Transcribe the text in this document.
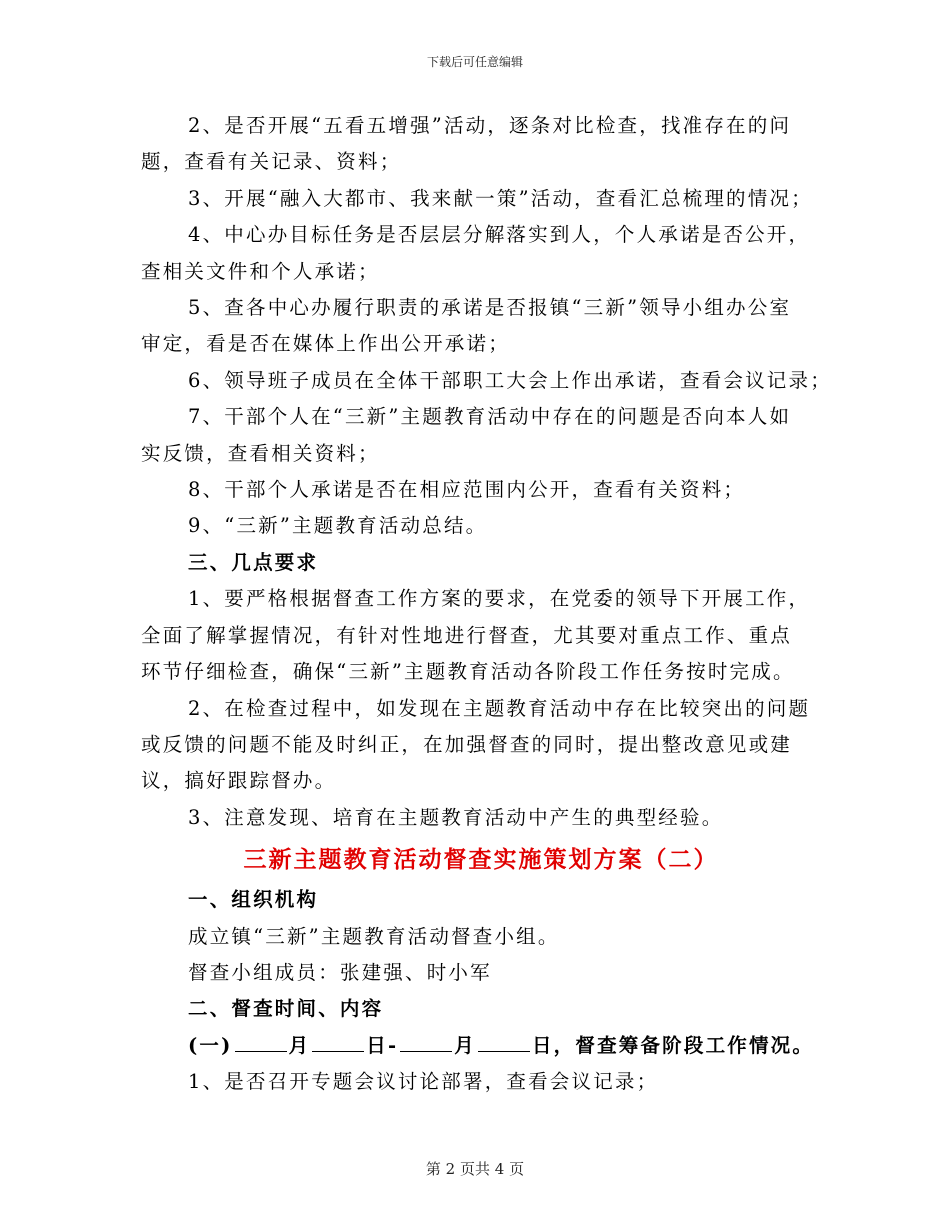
下载后可任意编辑

2、是否开展“五看五增强”活动，逐条对比检查，找准存在的问

题，查看有关记录、资料；

3、开展“融入大都市、我来献一策”活动，查看汇总梳理的情况；

4、中心办目标任务是否层层分解落实到人，个人承诺是否公开，

查相关文件和个人承诺；

5、查各中心办履行职责的承诺是否报镇“三新”领导小组办公室

审定，看是否在媒体上作出公开承诺；

6、领导班子成员在全体干部职工大会上作出承诺，查看会议记录；

7、干部个人在“三新”主题教育活动中存在的问题是否向本人如

实反馈，查看相关资料；

8、干部个人承诺是否在相应范围内公开，查看有关资料；

9、“三新”主题教育活动总结。

三、几点要求

1、要严格根据督查工作方案的要求，在党委的领导下开展工作，

全面了解掌握情况，有针对性地进行督查，尤其要对重点工作、重点

环节仔细检查，确保“三新”主题教育活动各阶段工作任务按时完成。

2、在检查过程中，如发现在主题教育活动中存在比较突出的问题

或反馈的问题不能及时纠正，在加强督查的同时，提出整改意见或建

议，搞好跟踪督办。

3、注意发现、培育在主题教育活动中产生的典型经验。

三新主题教育活动督查实施策划方案（二）

一、组织机构

成立镇“三新”主题教育活动督查小组。

督查小组成员：张建强、时小军

二、督查时间、内容

(一)	月	日-	月	日，督查筹备阶段工作情况。

1、是否召开专题会议讨论部署，查看会议记录；

第 2 页共 4 页
